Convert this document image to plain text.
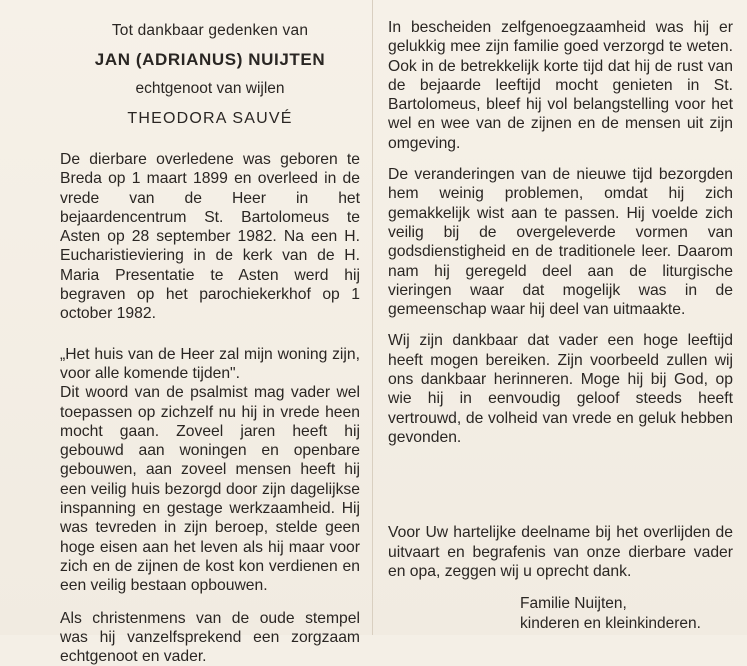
Tot dankbaar gedenken van
JAN (ADRIANUS) NUIJTEN
echtgenoot van wijlen
THEODORA SAUVÉ

De dierbare overledene was geboren te Breda op 1 maart 1899 en overleed in de vrede van de Heer in het bejaardencentrum St. Bartolomeus te Asten op 28 september 1982. Na een H. Eucharistieviering in de kerk van de H. Maria Presentatie te Asten werd hij begraven op het parochiekerkhof op 1 october 1982.

„Het huis van de Heer zal mijn woning zijn, voor alle komende tijden".

Dit woord van de psalmist mag vader wel toepassen op zichzelf nu hij in vrede heen mocht gaan. Zoveel jaren heeft hij gebouwd aan woningen en openbare gebouwen, aan zoveel mensen heeft hij een veilig huis bezorgd door zijn dagelijkse inspanning en gestage werkzaamheid. Hij was tevreden in zijn beroep, stelde geen hoge eisen aan het leven als hij maar voor zich en de zijnen de kost kon verdienen en een veilig bestaan opbouwen.

Als christenmens van de oude stempel was hij vanzelfsprekend een zorgzaam echtgenoot en vader.

In bescheiden zelfgenoegzaamheid was hij er gelukkig mee zijn familie goed verzorgd te weten. Ook in de betrekkelijk korte tijd dat hij de rust van de bejaarde leeftijd mocht genieten in St. Bartolomeus, bleef hij vol belangstelling voor het wel en wee van de zijnen en de mensen uit zijn omgeving.

De veranderingen van de nieuwe tijd bezorgden hem weinig problemen, omdat hij zich gemakkelijk wist aan te passen. Hij voelde zich veilig bij de overgeleverde vormen van godsdienstigheid en de traditionele leer. Daarom nam hij geregeld deel aan de liturgische vieringen waar dat mogelijk was in de gemeenschap waar hij deel van uitmaakte.

Wij zijn dankbaar dat vader een hoge leeftijd heeft mogen bereiken. Zijn voorbeeld zullen wij ons dankbaar herinneren. Moge hij bij God, op wie hij in eenvoudig geloof steeds heeft vertrouwd, de volheid van vrede en geluk hebben gevonden.

Voor Uw hartelijke deelname bij het overlijden de uitvaart en begrafenis van onze dierbare vader en opa, zeggen wij u oprecht dank.

Familie Nuijten,
kinderen en kleinkinderen.
